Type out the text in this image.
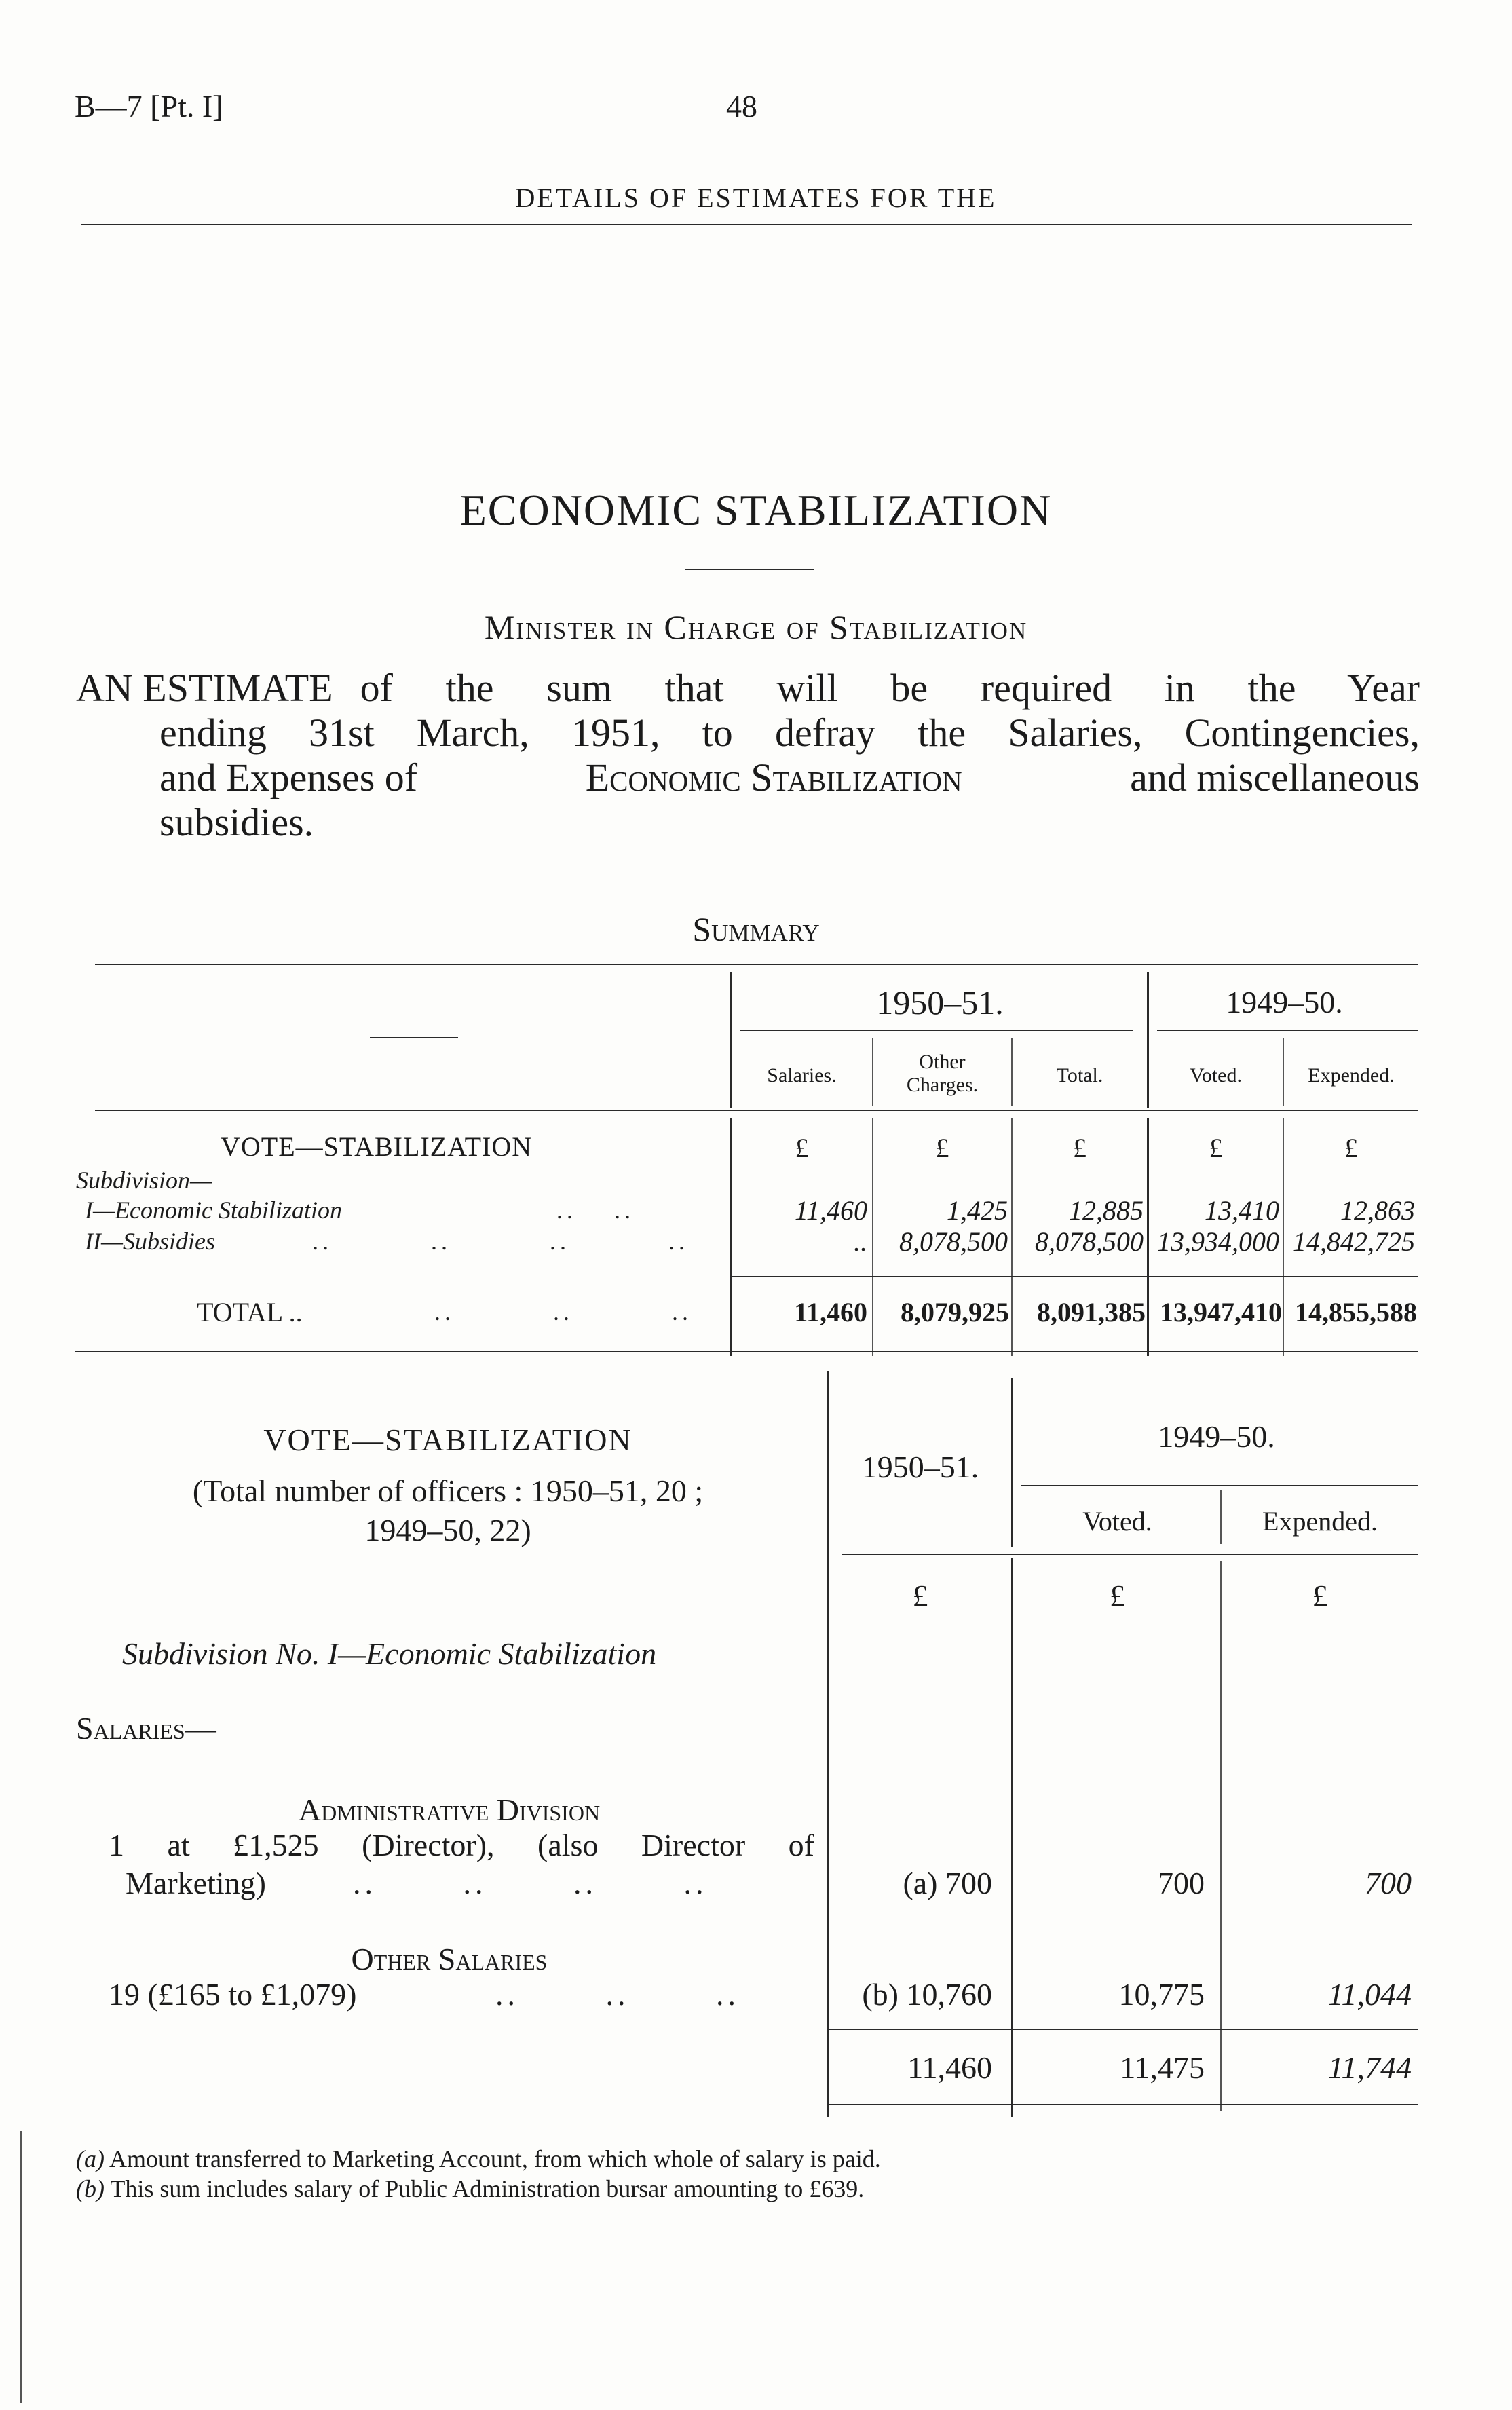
B—7 [Pt. I]	48
DETAILS OF ESTIMATES FOR THE
ECONOMIC STABILIZATION
Minister in Charge of Stabilization
AN ESTIMATE of the sum that will be required in the Year
ending 31st March, 1951, to defray the Salaries, Contingencies,
and Expenses of	Economic Stabilization	and miscellaneous
subsidies.
Summary
1950–51.	1949–50.
Salaries.
Other
Charges.	Total.	Voted.	Expended.
£	£	£	£	£
VOTE—STABILIZATION
Subdivision—
I—Economic Stabilization	.. ..	11,460	1,425	12,885	13,410	12,863
II—Subsidies	.. .. .. ..	..	8,078,500	8,078,500 13,934,000 14,842,725
TOTAL ..	.. .. ..	11,460	8,079,925	8,091,385 13,947,410 14,855,588
VOTE—STABILIZATION
(Total number of officers : 1950–51, 20 ;
1949–50, 22)
1950–51.
1949–50.
Voted.	Expended.
£	£	£
Subdivision No. I—Economic Stabilization
Salaries—
Administrative Division
1 at £1,525 (Director), (also Director of
Marketing)	.. .. .. ..	(a) 700	700	700
Other Salaries
19 (£165 to £1,079)	.. .. ..	(b) 10,760	10,775	11,044
11,460	11,475	11,744
(a) Amount transferred to Marketing Account, from which whole of salary is paid.
(b) This sum includes salary of Public Administration bursar amounting to £639.
